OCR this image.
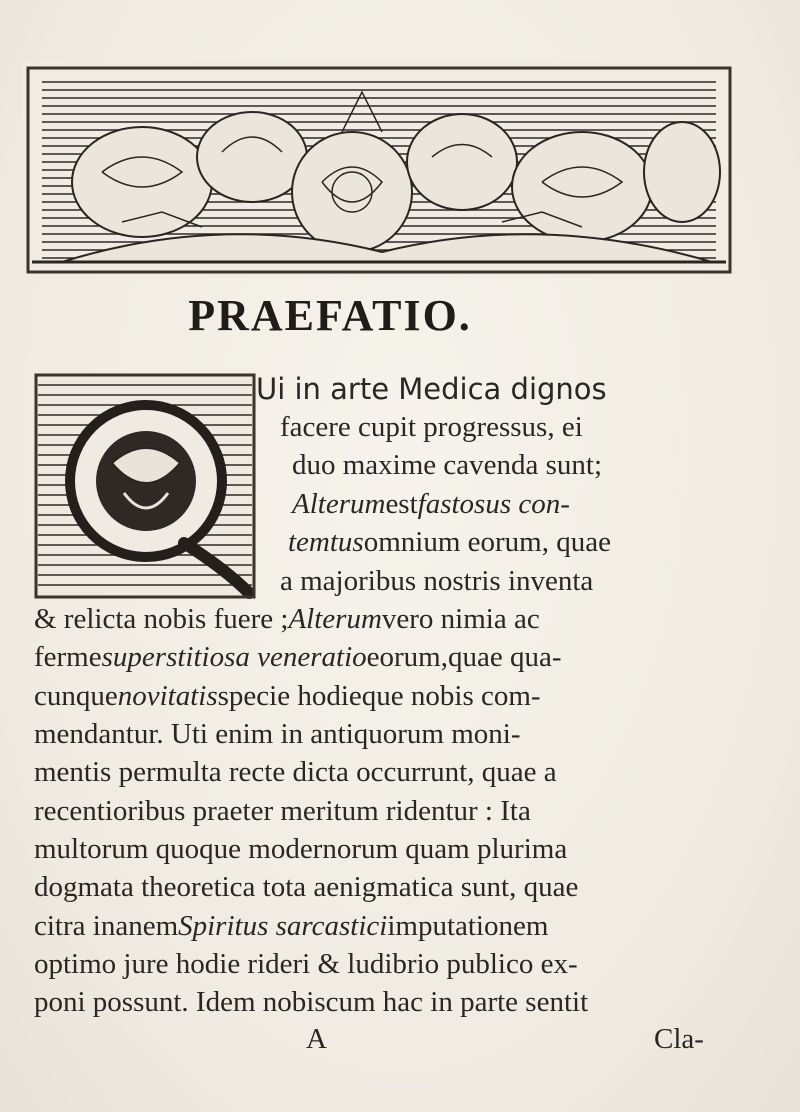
PRAEFATIO.
Ui in arte Medica dignos
facere cupit progressus, ei
duo maxime cavenda sunt;
Alterumestfastosus con-
temtusomnium eorum, quae
a majoribus nostris inventa
& relicta nobis fuere ;Alterumvero nimia ac
fermesuperstitiosa veneratioeorum,quae qua-
cunquenovitatisspecie hodieque nobis com-
mendantur. Uti enim in antiquorum moni-
mentis permulta recte dicta occurrunt, quae a
recentioribus praeter meritum ridentur : Ita
multorum quoque modernorum quam plurima
dogmata theoretica tota aenigmatica sunt, quae
citra inanemSpiritus sarcasticiimputationem
optimo jure hodie rideri & ludibrio publico ex-
poni possunt. Idem nobiscum hac in parte sentit
A	Cla-
